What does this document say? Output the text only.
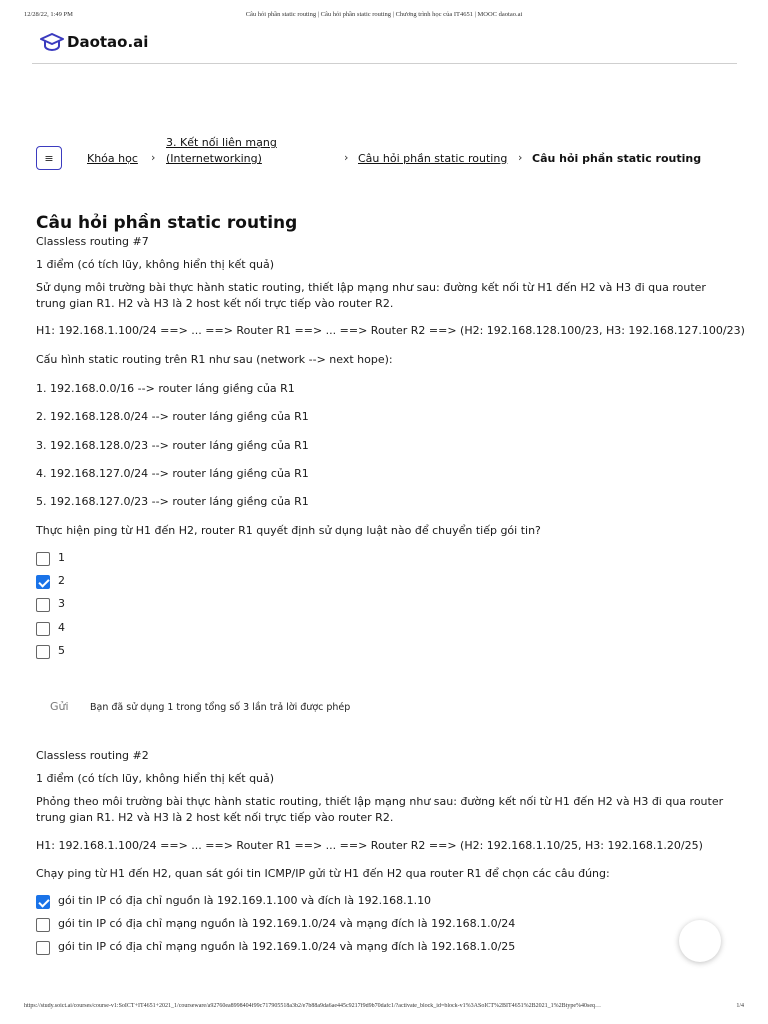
12/28/22, 1:49 PM	Câu hỏi phần static routing | Câu hỏi phần static routing | Chương trình học của IT4651 | MOOC daotao.ai
Daotao.ai
≡	Khóa học ›
3. Kết nối liên mạng
(Internetworking)	› Câu hỏi phần static routing › Câu hỏi phần static routing
Câu hỏi phần static routing
Classless routing #7
1 điểm (có tích lũy, không hiển thị kết quả)
Sử dụng môi trường bài thực hành static routing, thiết lập mạng như sau: đường kết nối từ H1 đến H2 và H3 đi qua router trung gian R1. H2 và H3 là 2 host kết nối trực tiếp vào router R2.
H1: 192.168.1.100/24 ==> ... ==> Router R1 ==> ... ==> Router R2 ==> (H2: 192.168.128.100/23, H3: 192.168.127.100/23)
Cấu hình static routing trên R1 như sau (network --> next hope):
1. 192.168.0.0/16 --> router láng giềng của R1
2. 192.168.128.0/24 --> router láng giềng của R1
3. 192.168.128.0/23 --> router láng giềng của R1
4. 192.168.127.0/24 --> router láng giềng của R1
5. 192.168.127.0/23 --> router láng giềng của R1
Thực hiện ping từ H1 đến H2, router R1 quyết định sử dụng luật nào để chuyển tiếp gói tin?
1
2
3
4
5
Gửi Bạn đã sử dụng 1 trong tổng số 3 lần trả lời được phép
Classless routing #2
1 điểm (có tích lũy, không hiển thị kết quả)
Phỏng theo môi trường bài thực hành static routing, thiết lập mạng như sau: đường kết nối từ H1 đến H2 và H3 đi qua router trung gian R1. H2 và H3 là 2 host kết nối trực tiếp vào router R2.
H1: 192.168.1.100/24 ==> ... ==> Router R1 ==> ... ==> Router R2 ==> (H2: 192.168.1.10/25, H3: 192.168.1.20/25)
Chạy ping từ H1 đến H2, quan sát gói tin ICMP/IP gửi từ H1 đến H2 qua router R1 để chọn các câu đúng:
gói tin IP có địa chỉ nguồn là 192.169.1.100 và đích là 192.168.1.10
gói tin IP có địa chỉ mạng nguồn là 192.169.1.0/24 và mạng đích là 192.168.1.0/24
gói tin IP có địa chỉ mạng nguồn là 192.169.1.0/24 và mạng đích là 192.168.1.0/25
https://study.soict.ai/courses/course-v1:SoICT+IT4651+2021_1/courseware/a92760ea8998404f99c717905518a3b2/e7b88a9da6ae445c9217f9d9b70dafc1/?activate_block_id=block-v1%3ASoICT%2BIT4651%2B2021_1%2Btype%40seq…	1/4
